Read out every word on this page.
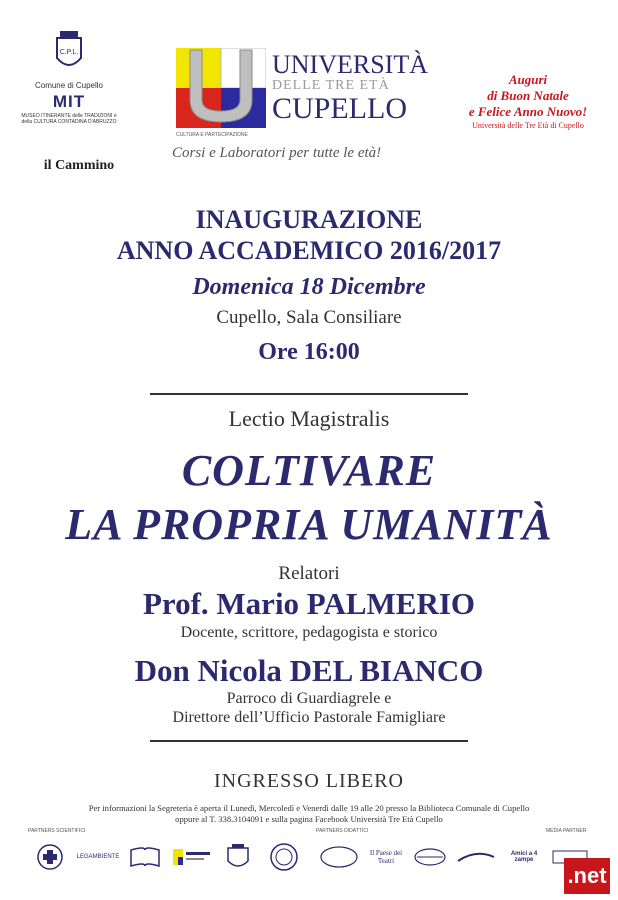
C.P.L.
Comune di Cupello
MIT
MUSEO ITINERANTE delle TRADIZIONI e della CULTURA CONTADINA D'ABRUZZO
il Cammino
UNIVERSITÀ
DELLE TRE ETÀ
CUPELLO
CULTURA E PARTECIPAZIONE
Corsi e Laboratori per tutte le età!
Auguri
di Buon Natale
e Felice Anno Nuovo!
Università delle Tre Età di Cupello
INAUGURAZIONE
ANNO ACCADEMICO 2016/2017
Domenica 18 Dicembre
Cupello, Sala Consiliare
Ore 16:00
Lectio Magistralis
COLTIVARE
LA PROPRIA UMANITÀ
Relatori
Prof. Mario PALMERIO
Docente, scrittore, pedagogista e storico
Don Nicola DEL BIANCO
Parroco di Guardiagrele e
Direttore dell’Ufficio Pastorale Famigliare
INGRESSO LIBERO
Per informazioni la Segreteria è aperta il Lunedì, Mercoledì e Venerdì dalle 19 alle 20 presso la Biblioteca Comunale di Cupello
oppure al T. 338.3104091 e sulla pagina Facebook Università Tre Età Cupello
PARTNERS SCIENTIFICI	PARTNERS DIDATTICI	MEDIA PARTNER
LEGAMBIENTE	Il Paese dei Teatri
Amici a 4 zampe
.net
